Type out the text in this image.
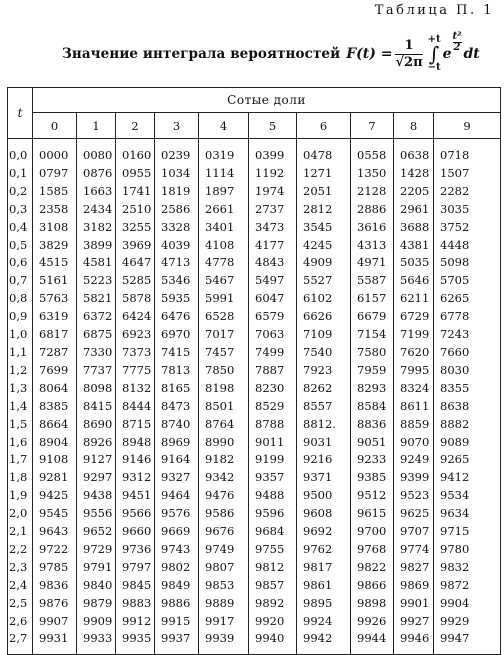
Таблица П. 1
Значение интеграла вероятностей $F(t) = \frac{1}{√2\pi} +t$
∫
−t
e
t²
2 dt
t	Сотые доли									
	0	1	2	3	4	5	6	7	8	9
0,0	0000	0080	0160	0239	0319	0399	0478	0558	0638	0718
0,1	0797	0876	0955	1034	1114	1192	1271	1350	1428	1507
0,2	1585	1663	1741	1819	1897	1974	2051	2128	2205	2282
0,3	2358	2434	2510	2586	2661	2737	2812	2886	2961	3035
0,4	3108	3182	3255	3328	3401	3473	3545	3616	3688	3752
0,5	3829	3899	3969	4039	4108	4177	4245	4313	4381	4448
0,6	4515	4581	4647	4713	4778	4843	4909	4971	5035	5098
0,7	5161	5223	5285	5346	5467	5497	5527	5587	5646	5705
0,8	5763	5821	5878	5935	5991	6047	6102	6157	6211	6265
0,9	6319	6372	6424	6476	6528	6579	6626	6679	6729	6778
1,0	6817	6875	6923	6970	7017	7063	7109	7154	7199	7243
1,1	7287	7330	7373	7415	7457	7499	7540	7580	7620	7660
1,2	7699	7737	7775	7813	7850	7887	7923	7959	7995	8030
1,3	8064	8098	8132	8165	8198	8230	8262	8293	8324	8355
1,4	8385	8415	8444	8473	8501	8529	8557	8584	8611	8638
1,5	8664	8690	8715	8740	8764	8788	8812.	8836	8859	8882
1,6	8904	8926	8948	8969	8990	9011	9031	9051	9070	9089
1,7	9108	9127	9146	9164	9182	9199	9216	9233	9249	9265
1,8	9281	9297	9312	9327	9342	9357	9371	9385	9399	9412
1,9	9425	9438	9451	9464	9476	9488	9500	9512	9523	9534
2,0	9545	9556	9566	9576	9586	9596	9608	9615	9625	9634
2,1	9643	9652	9660	9669	9676	9684	9692	9700	9707	9715
2,2	9722	9729	9736	9743	9749	9755	9762	9768	9774	9780
2,3	9785	9791	9797	9802	9807	9812	9817	9822	9827	9832
2,4	9836	9840	9845	9849	9853	9857	9861	9866	9869	9872
2,5	9876	9879	9883	9886	9889	9892	9895	9898	9901	9904
2,6	9907	9909	9912	9915	9917	9920	9924	9926	9927	9929
2,7	9931	9933	9935	9937	9939	9940	9942	9944	9946	9947
